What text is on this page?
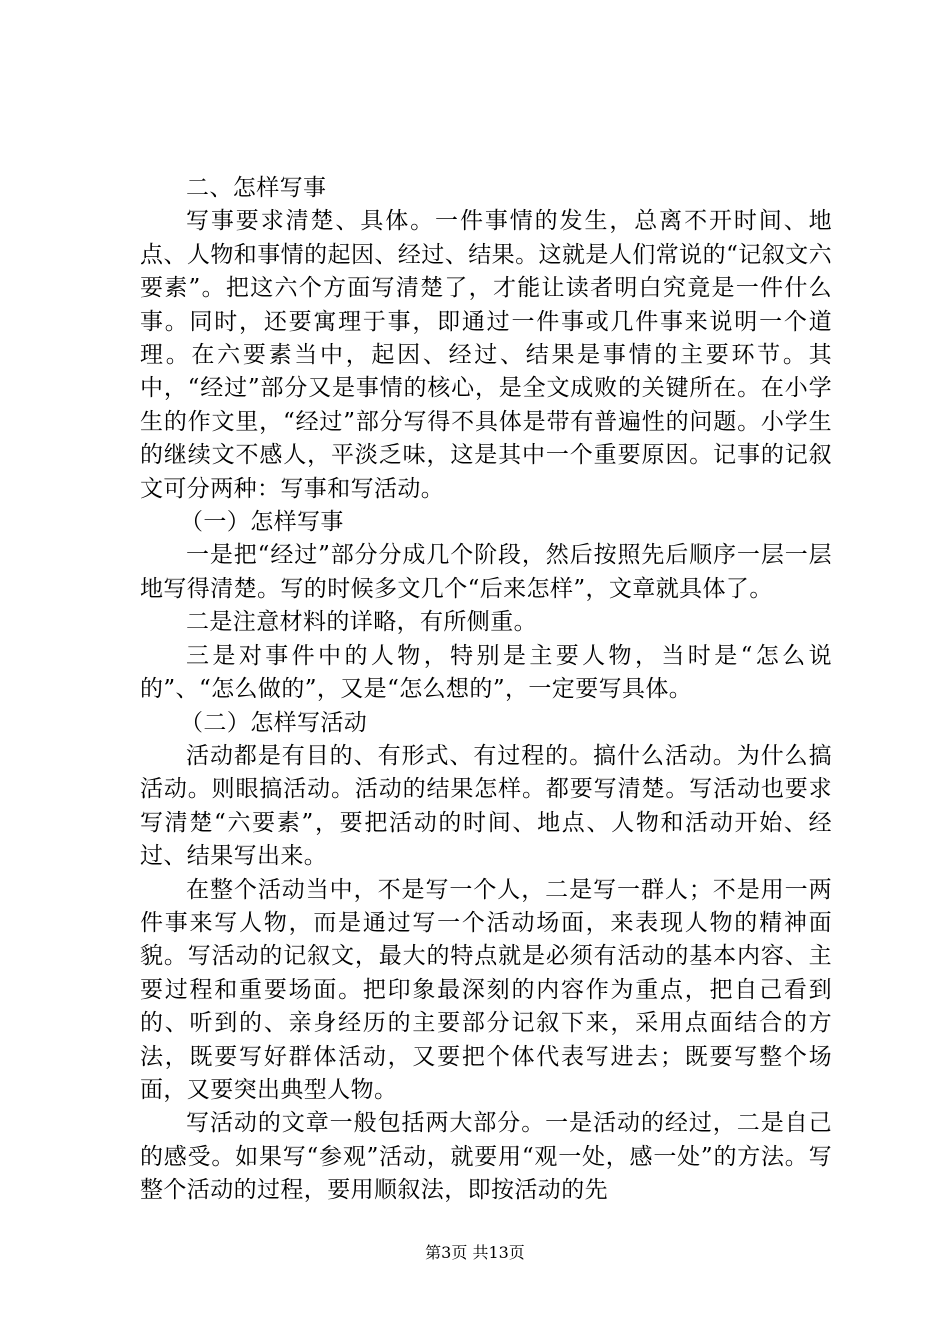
二、怎样写事

写事要求清楚、具体。一件事情的发生，总离不开时间、地点、人物和事情的起因、经过、结果。这就是人们常说的“记叙文六要素”。把这六个方面写清楚了，才能让读者明白究竟是一件什么事。同时，还要寓理于事，即通过一件事或几件事来说明一个道理。在六要素当中，起因、经过、结果是事情的主要环节。其中，“经过”部分又是事情的核心，是全文成败的关键所在。在小学生的作文里，“经过”部分写得不具体是带有普遍性的问题。小学生的继续文不感人，平淡乏味，这是其中一个重要原因。记事的记叙文可分两种：写事和写活动。

（一）怎样写事

一是把“经过”部分分成几个阶段，然后按照先后顺序一层一层地写得清楚。写的时候多文几个“后来怎样”，文章就具体了。

二是注意材料的详略，有所侧重。

三是对事件中的人物，特别是主要人物，当时是“怎么说的”、“怎么做的”，又是“怎么想的”，一定要写具体。

（二）怎样写活动

活动都是有目的、有形式、有过程的。搞什么活动。为什么搞活动。则眼搞活动。活动的结果怎样。都要写清楚。写活动也要求写清楚“六要素”，要把活动的时间、地点、人物和活动开始、经过、结果写出来。

在整个活动当中，不是写一个人，二是写一群人；不是用一两件事来写人物，而是通过写一个活动场面，来表现人物的精神面貌。写活动的记叙文，最大的特点就是必须有活动的基本内容、主要过程和重要场面。把印象最深刻的内容作为重点，把自己看到的、听到的、亲身经历的主要部分记叙下来，采用点面结合的方法，既要写好群体活动，又要把个体代表写进去；既要写整个场面，又要突出典型人物。

写活动的文章一般包括两大部分。一是活动的经过，二是自己的感受。如果写“参观”活动，就要用“观一处，感一处”的方法。写整个活动的过程，要用顺叙法，即按活动的先

第3页 共13页
